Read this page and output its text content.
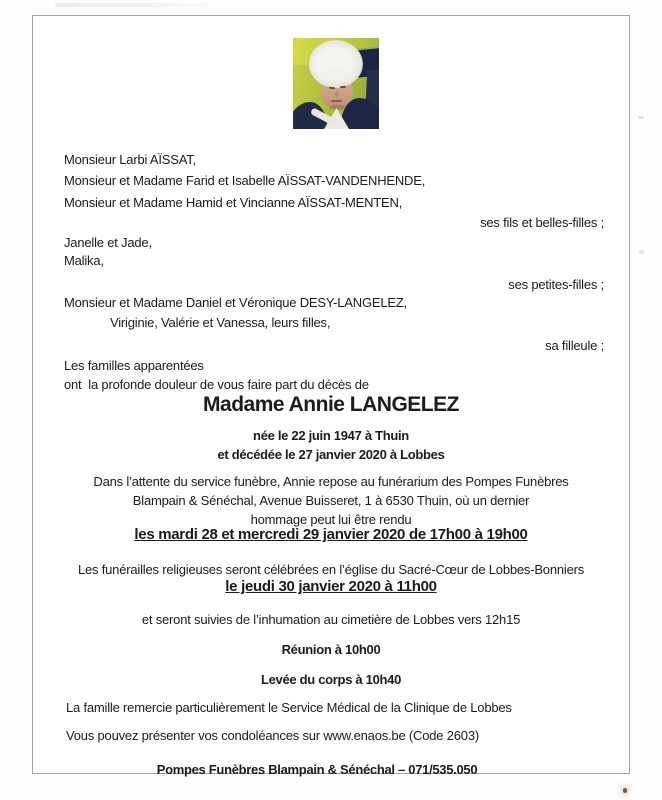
Monsieur Larbi AÏSSAT,
Monsieur et Madame Farid et Isabelle AÏSSAT-VANDENHENDE,
Monsieur et Madame Hamid et Vincianne AÏSSAT-MENTEN,
ses fils et belles-filles ;
Janelle et Jade,
Malika,
ses petites-filles ;
Monsieur et Madame Daniel et Véronique DESY-LANGELEZ,
Viriginie, Valérie et Vanessa, leurs filles,
sa filleule ;
Les familles apparentées
ont  la profonde douleur de vous faire part du décès de
Madame Annie LANGELEZ
née le 22 juin 1947 à Thuin
et décédée le 27 janvier 2020 à Lobbes
Dans l’attente du service funèbre, Annie repose au funérarium des Pompes Funèbres
Blampain & Sénéchal, Avenue Buisseret, 1 à 6530 Thuin, où un dernier
hommage peut lui être rendu
les mardi 28 et mercredi 29 janvier 2020 de 17h00 à 19h00
Les funérailles religieuses seront célébrées en l’église du Sacré-Cœur de Lobbes-Bonniers
le jeudi 30 janvier 2020 à 11h00
et seront suivies de l’inhumation au cimetière de Lobbes vers 12h15
Réunion à 10h00
Levée du corps à 10h40
La famille remercie particulièrement le Service Médical de la Clinique de Lobbes
Vous pouvez présenter vos condoléances sur www.enaos.be (Code 2603)
Pompes Funèbres Blampain & Sénéchal – 071/535.050
